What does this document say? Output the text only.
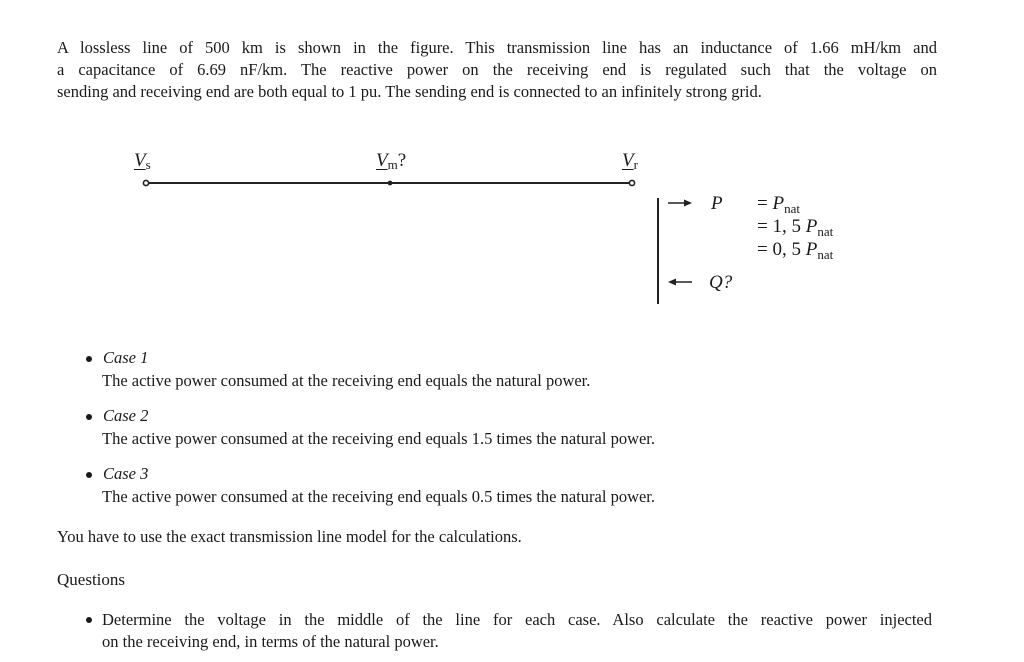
A lossless line of 500 km is shown in the figure. This transmission line has an inductance of 1.66 mH/km and
a capacitance of 6.69 nF/km. The reactive power on the receiving end is regulated such that the voltage on
sending and receiving end are both equal to 1 pu. The sending end is connected to an infinitely strong grid.
$V_s$	$V_m$?	$V_r$
$P = P_{nat}$
= 1, 5 $P_{nat}$
= 0, 5 $P_{nat}$
Q?
Case 1
The active power consumed at the receiving end equals the natural power.
Case 2
The active power consumed at the receiving end equals 1.5 times the natural power.
Case 3
The active power consumed at the receiving end equals 0.5 times the natural power.
You have to use the exact transmission line model for the calculations.
Questions
Determine the voltage in the middle of the line for each case. Also calculate the reactive power injected
on the receiving end, in terms of the natural power.
